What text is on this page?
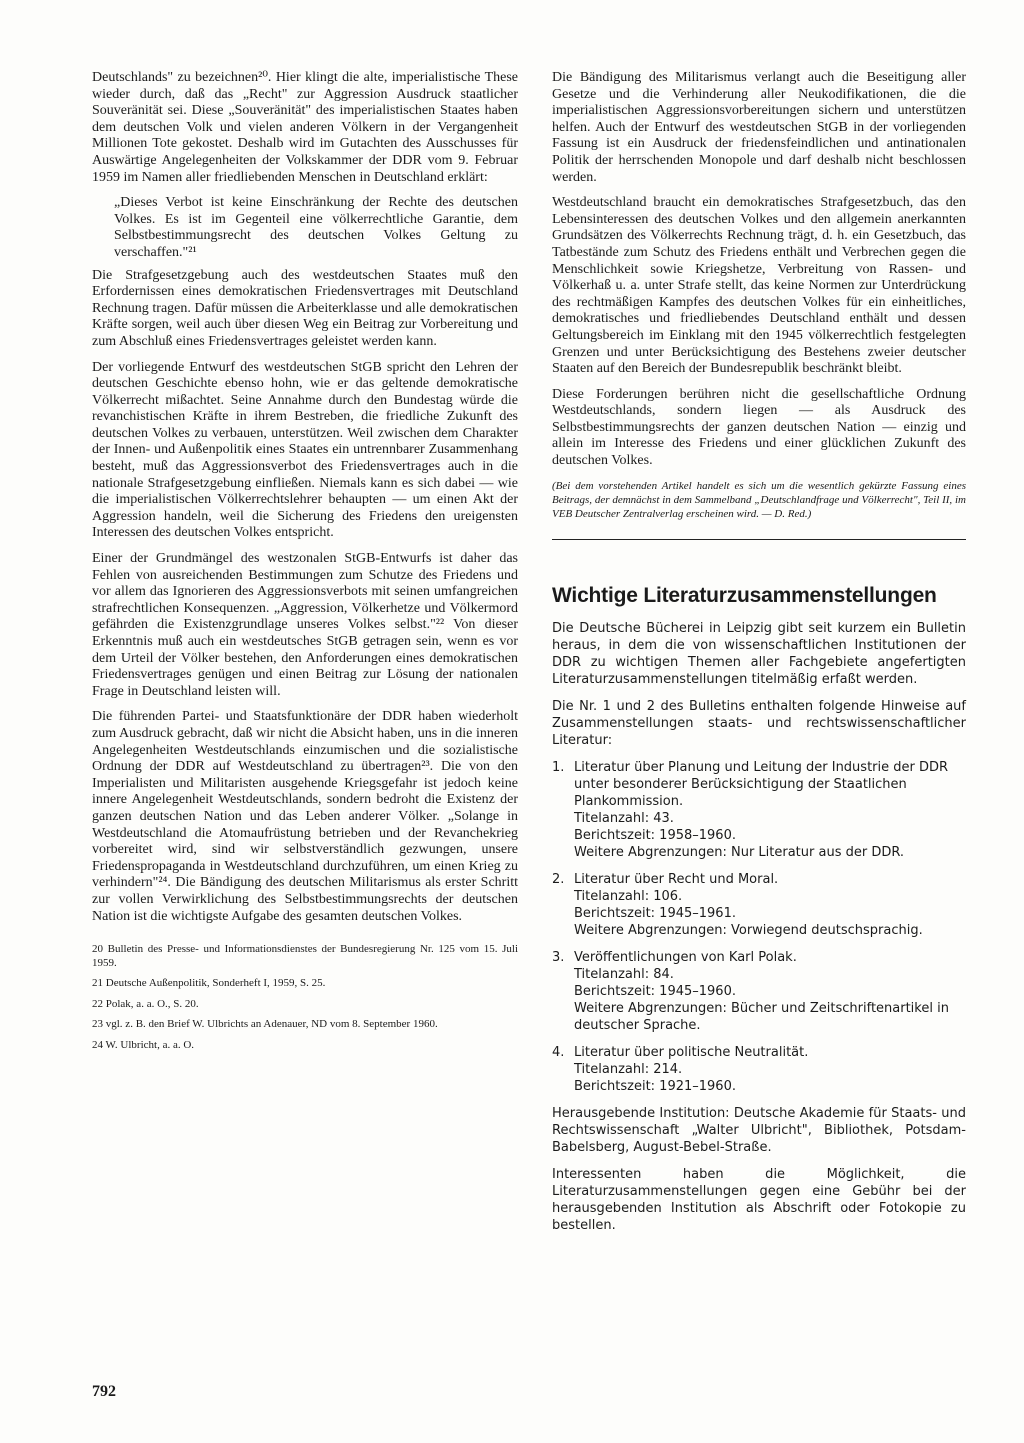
Deutschlands" zu bezeichnen²⁰. Hier klingt die alte, imperialistische These wieder durch, daß das „Recht" zur Aggression Ausdruck staatlicher Souveränität sei. Diese „Souveränität" des imperialistischen Staates haben dem deutschen Volk und vielen anderen Völkern in der Vergangenheit Millionen Tote gekostet. Deshalb wird im Gutachten des Ausschusses für Auswärtige Angelegenheiten der Volkskammer der DDR vom 9. Februar 1959 im Namen aller friedliebenden Menschen in Deutschland erklärt:

„Dieses Verbot ist keine Einschränkung der Rechte des deutschen Volkes. Es ist im Gegenteil eine völkerrechtliche Garantie, dem Selbstbestimmungsrecht des deutschen Volkes Geltung zu verschaffen."²¹

Die Strafgesetzgebung auch des westdeutschen Staates muß den Erfordernissen eines demokratischen Friedensvertrages mit Deutschland Rechnung tragen. Dafür müssen die Arbeiterklasse und alle demokratischen Kräfte sorgen, weil auch über diesen Weg ein Beitrag zur Vorbereitung und zum Abschluß eines Friedensvertrages geleistet werden kann.

Der vorliegende Entwurf des westdeutschen StGB spricht den Lehren der deutschen Geschichte ebenso hohn, wie er das geltende demokratische Völkerrecht mißachtet. Seine Annahme durch den Bundestag würde die revanchistischen Kräfte in ihrem Bestreben, die friedliche Zukunft des deutschen Volkes zu verbauen, unterstützen. Weil zwischen dem Charakter der Innen- und Außenpolitik eines Staates ein untrennbarer Zusammenhang besteht, muß das Aggressionsverbot des Friedensvertrages auch in die nationale Strafgesetzgebung einfließen. Niemals kann es sich dabei — wie die imperialistischen Völkerrechtslehrer behaupten — um einen Akt der Aggression handeln, weil die Sicherung des Friedens den ureigensten Interessen des deutschen Volkes entspricht.

Einer der Grundmängel des westzonalen StGB-Entwurfs ist daher das Fehlen von ausreichenden Bestimmungen zum Schutze des Friedens und vor allem das Ignorieren des Aggressionsverbots mit seinen umfangreichen strafrechtlichen Konsequenzen. „Aggression, Völkerhetze und Völkermord gefährden die Existenzgrundlage unseres Volkes selbst."²² Von dieser Erkenntnis muß auch ein westdeutsches StGB getragen sein, wenn es vor dem Urteil der Völker bestehen, den Anforderungen eines demokratischen Friedensvertrages genügen und einen Beitrag zur Lösung der nationalen Frage in Deutschland leisten will.

Die führenden Partei- und Staatsfunktionäre der DDR haben wiederholt zum Ausdruck gebracht, daß wir nicht die Absicht haben, uns in die inneren Angelegenheiten Westdeutschlands einzumischen und die sozialistische Ordnung der DDR auf Westdeutschland zu übertragen²³. Die von den Imperialisten und Militaristen ausgehende Kriegsgefahr ist jedoch keine innere Angelegenheit Westdeutschlands, sondern bedroht die Existenz der ganzen deutschen Nation und das Leben anderer Völker. „Solange in Westdeutschland die Atomaufrüstung betrieben und der Revanchekrieg vorbereitet wird, sind wir selbstverständlich gezwungen, unsere Friedenspropaganda in Westdeutschland durchzuführen, um einen Krieg zu verhindern"²⁴. Die Bändigung des deutschen Militarismus als erster Schritt zur vollen Verwirklichung des Selbstbestimmungsrechts der deutschen Nation ist die wichtigste Aufgabe des gesamten deutschen Volkes.

20 Bulletin des Presse- und Informationsdienstes der Bundesregierung Nr. 125 vom 15. Juli 1959.

21 Deutsche Außenpolitik, Sonderheft I, 1959, S. 25.

22 Polak, a. a. O., S. 20.

23 vgl. z. B. den Brief W. Ulbrichts an Adenauer, ND vom 8. September 1960.

24 W. Ulbricht, a. a. O.

792

Die Bändigung des Militarismus verlangt auch die Beseitigung aller Gesetze und die Verhinderung aller Neukodifikationen, die die imperialistischen Aggressionsvorbereitungen sichern und unterstützen helfen. Auch der Entwurf des westdeutschen StGB in der vorliegenden Fassung ist ein Ausdruck der friedensfeindlichen und antinationalen Politik der herrschenden Monopole und darf deshalb nicht beschlossen werden.

Westdeutschland braucht ein demokratisches Strafgesetzbuch, das den Lebensinteressen des deutschen Volkes und den allgemein anerkannten Grundsätzen des Völkerrechts Rechnung trägt, d. h. ein Gesetzbuch, das Tatbestände zum Schutz des Friedens enthält und Verbrechen gegen die Menschlichkeit sowie Kriegshetze, Verbreitung von Rassen- und Völkerhaß u. a. unter Strafe stellt, das keine Normen zur Unterdrückung des rechtmäßigen Kampfes des deutschen Volkes für ein einheitliches, demokratisches und friedliebendes Deutschland enthält und dessen Geltungsbereich im Einklang mit den 1945 völkerrechtlich festgelegten Grenzen und unter Berücksichtigung des Bestehens zweier deutscher Staaten auf den Bereich der Bundesrepublik beschränkt bleibt.

Diese Forderungen berühren nicht die gesellschaftliche Ordnung Westdeutschlands, sondern liegen — als Ausdruck des Selbstbestimmungsrechts der ganzen deutschen Nation — einzig und allein im Interesse des Friedens und einer glücklichen Zukunft des deutschen Volkes.

(Bei dem vorstehenden Artikel handelt es sich um die wesentlich gekürzte Fassung eines Beitrags, der demnächst in dem Sammelband „Deutschlandfrage und Völkerrecht", Teil II, im VEB Deutscher Zentralverlag erscheinen wird. — D. Red.)

Wichtige Literaturzusammenstellungen

Die Deutsche Bücherei in Leipzig gibt seit kurzem ein Bulletin heraus, in dem die von wissenschaftlichen Institutionen der DDR zu wichtigen Themen aller Fachgebiete angefertigten Literaturzusammenstellungen titelmäßig erfaßt werden.

Die Nr. 1 und 2 des Bulletins enthalten folgende Hinweise auf Zusammenstellungen staats- und rechtswissenschaftlicher Literatur:

1. Literatur über Planung und Leitung der Industrie der DDR unter besonderer Berücksichtigung der Staatlichen Plankommission.
Titelanzahl: 43.
Berichtszeit: 1958–1960.
Weitere Abgrenzungen: Nur Literatur aus der DDR.
2. Literatur über Recht und Moral.
Titelanzahl: 106.
Berichtszeit: 1945–1961.
Weitere Abgrenzungen: Vorwiegend deutschsprachig.
3. Veröffentlichungen von Karl Polak.
Titelanzahl: 84.
Berichtszeit: 1945–1960.
Weitere Abgrenzungen: Bücher und Zeitschriftenartikel in deutscher Sprache.
4. Literatur über politische Neutralität.
Titelanzahl: 214.
Berichtszeit: 1921–1960.

Herausgebende Institution: Deutsche Akademie für Staats- und Rechtswissenschaft „Walter Ulbricht", Bibliothek, Potsdam-Babelsberg, August-Bebel-Straße.

Interessenten haben die Möglichkeit, die Literaturzusammenstellungen gegen eine Gebühr bei der herausgebenden Institution als Abschrift oder Fotokopie zu bestellen.
